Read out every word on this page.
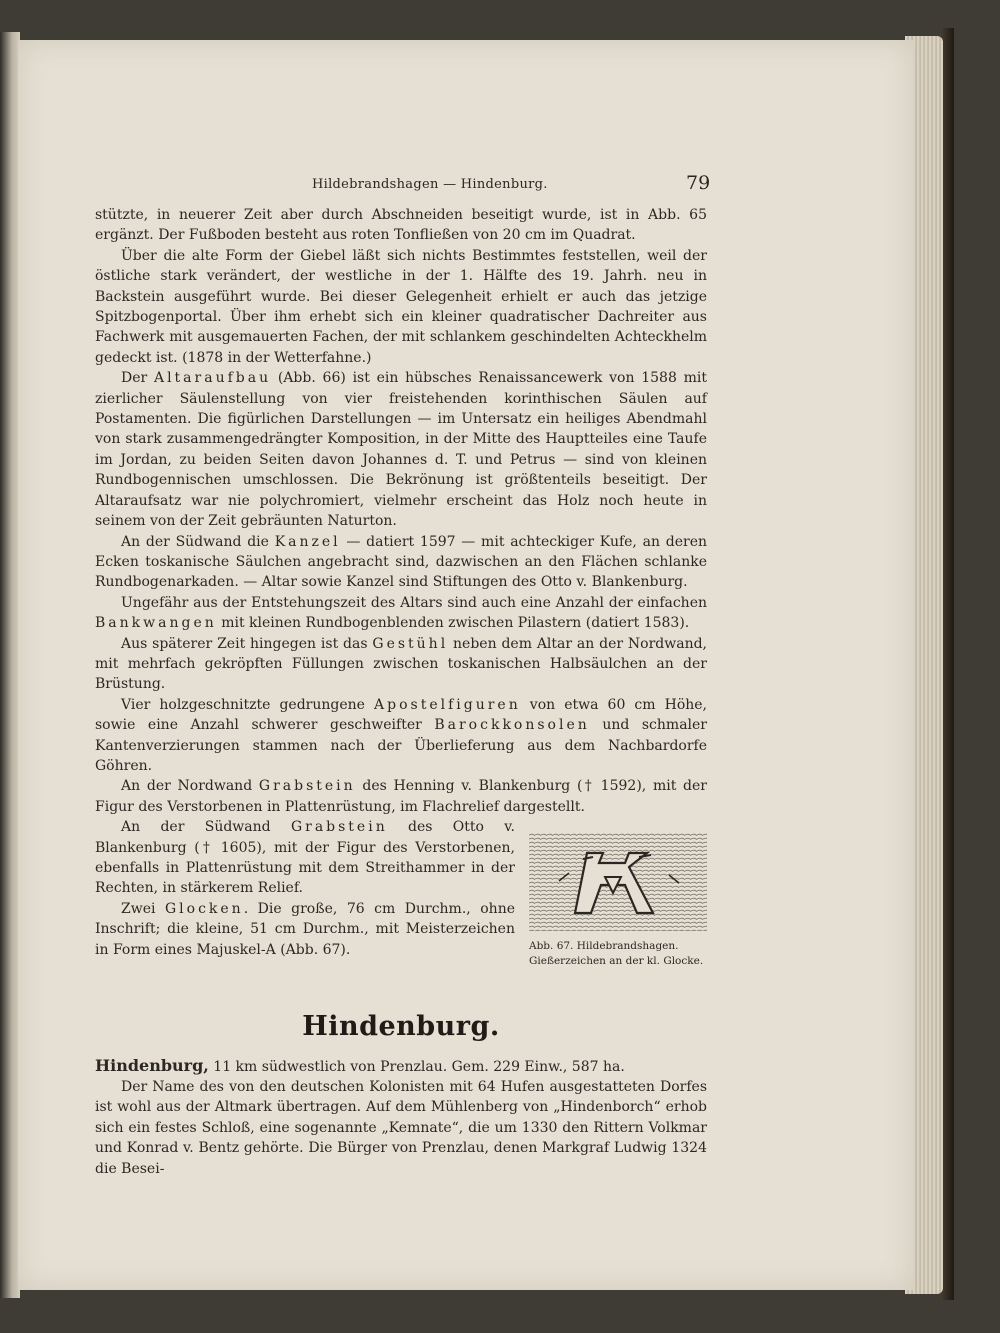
Hildebrandshagen — Hindenburg.	79

stützte, in neuerer Zeit aber durch Abschneiden beseitigt wurde, ist in Abb. 65 ergänzt. Der Fußboden besteht aus roten Tonfließen von 20 cm im Quadrat.

Über die alte Form der Giebel läßt sich nichts Bestimmtes feststellen, weil der östliche stark verändert, der westliche in der 1. Hälfte des 19. Jahrh. neu in Backstein ausgeführt wurde. Bei dieser Gelegenheit erhielt er auch das jetzige Spitzbogenportal. Über ihm erhebt sich ein kleiner quadratischer Dachreiter aus Fachwerk mit ausgemauerten Fachen, der mit schlankem geschindelten Achteckhelm gedeckt ist. (1878 in der Wetterfahne.)

Der Altaraufbau (Abb. 66) ist ein hübsches Renaissancewerk von 1588 mit zierlicher Säulenstellung von vier freistehenden korinthischen Säulen auf Postamenten. Die figürlichen Darstellungen — im Untersatz ein heiliges Abendmahl von stark zusammengedrängter Komposition, in der Mitte des Hauptteiles eine Taufe im Jordan, zu beiden Seiten davon Johannes d. T. und Petrus — sind von kleinen Rundbogennischen umschlossen. Die Bekrönung ist größtenteils beseitigt. Der Altaraufsatz war nie polychromiert, vielmehr erscheint das Holz noch heute in seinem von der Zeit gebräunten Naturton.

An der Südwand die Kanzel — datiert 1597 — mit achteckiger Kufe, an deren Ecken toskanische Säulchen angebracht sind, dazwischen an den Flächen schlanke Rundbogenarkaden. — Altar sowie Kanzel sind Stiftungen des Otto v. Blankenburg.

Ungefähr aus der Entstehungszeit des Altars sind auch eine Anzahl der einfachen Bankwangen mit kleinen Rundbogenblenden zwischen Pilastern (datiert 1583).

Aus späterer Zeit hingegen ist das Gestühl neben dem Altar an der Nordwand, mit mehrfach gekröpften Füllungen zwischen toskanischen Halbsäulchen an der Brüstung.

Vier holzgeschnitzte gedrungene Apostelfiguren von etwa 60 cm Höhe, sowie eine Anzahl schwerer geschweifter Barockkonsolen und schmaler Kantenverzierungen stammen nach der Überlieferung aus dem Nachbardorfe Göhren.

An der Nordwand Grabstein des Henning v. Blankenburg († 1592), mit der Figur des Verstorbenen in Plattenrüstung, im Flachrelief dargestellt.

Abb. 67. Hildebrandshagen.
Gießerzeichen an der kl. Glocke.

An der Südwand Grabstein des Otto v. Blankenburg († 1605), mit der Figur des Verstorbenen, ebenfalls in Plattenrüstung mit dem Streithammer in der Rechten, in stärkerem Relief.

Zwei Glocken. Die große, 76 cm Durchm., ohne Inschrift; die kleine, 51 cm Durchm., mit Meisterzeichen in Form eines Majuskel-A (Abb. 67).

Hindenburg.

Hindenburg, 11 km südwestlich von Prenzlau. Gem. 229 Einw., 587 ha.

Der Name des von den deutschen Kolonisten mit 64 Hufen ausgestatteten Dorfes ist wohl aus der Altmark übertragen. Auf dem Mühlenberg von „Hindenborch“ erhob sich ein festes Schloß, eine sogenannte „Kemnate“, die um 1330 den Rittern Volkmar und Konrad v. Bentz gehörte. Die Bürger von Prenzlau, denen Markgraf Ludwig 1324 die Besei-
